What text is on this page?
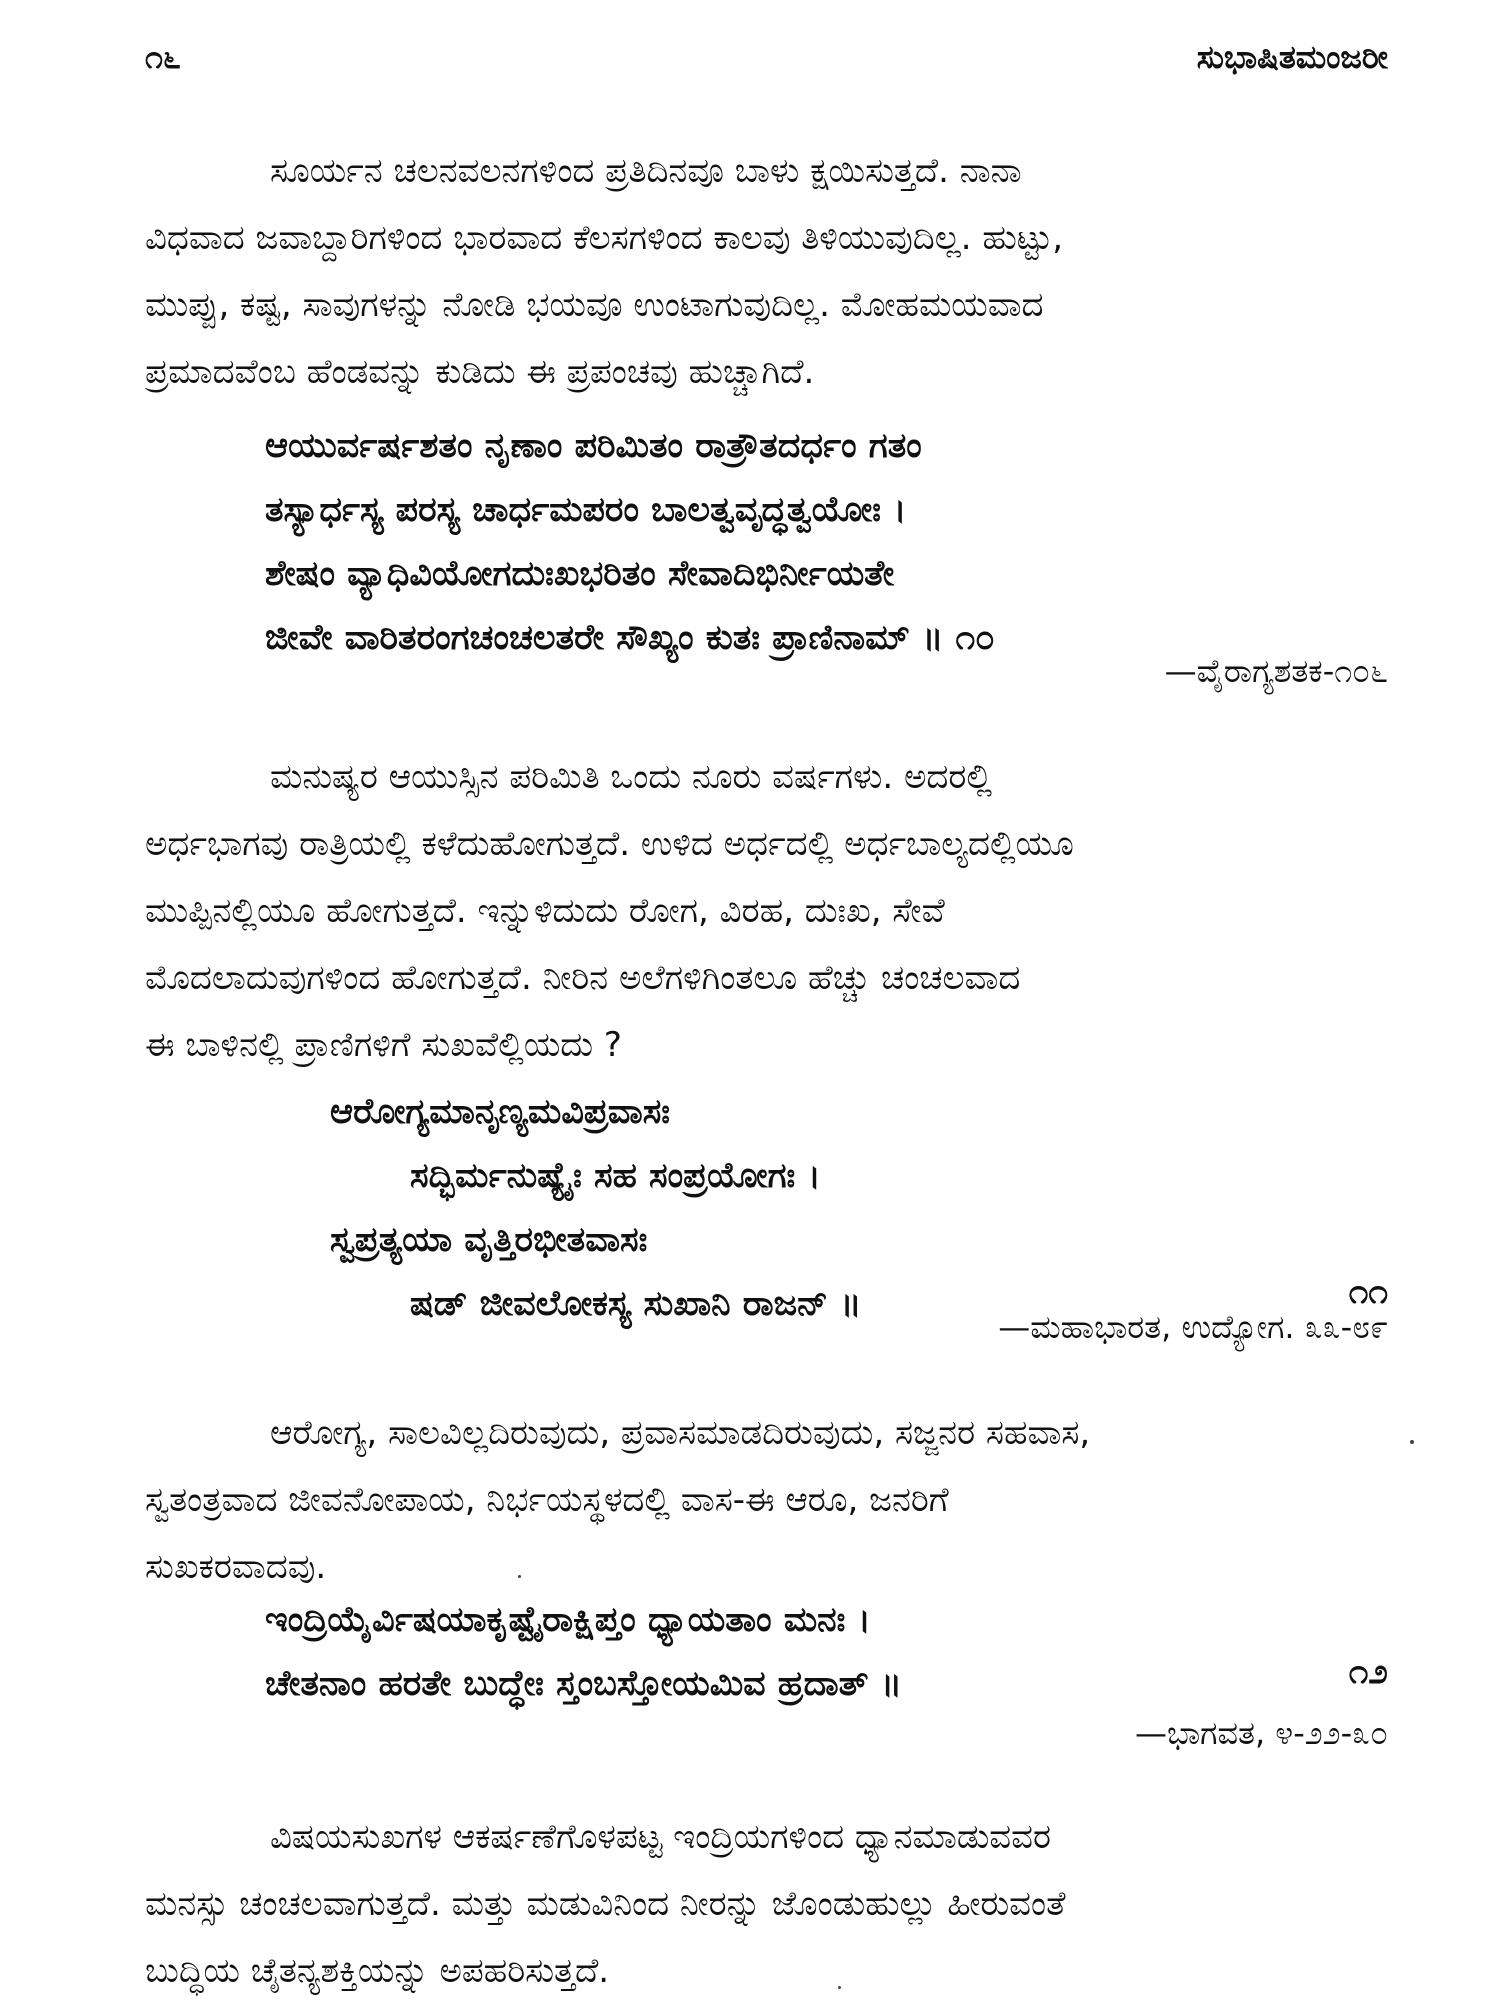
೧೬	ಸುಭಾಷಿತಮಂಜರೀ
ಸೂರ್ಯನ ಚಲನವಲನಗಳಿಂದ ಪ್ರತಿದಿನವೂ ಬಾಳು ಕ್ಷಯಿಸುತ್ತದೆ. ನಾನಾ
ವಿಧವಾದ ಜವಾಬ್ದಾರಿಗಳಿಂದ ಭಾರವಾದ ಕೆಲಸಗಳಿಂದ ಕಾಲವು ತಿಳಿಯುವುದಿಲ್ಲ. ಹುಟ್ಟು,
ಮುಪ್ಪು, ಕಷ್ಟ, ಸಾವುಗಳನ್ನು ನೋಡಿ ಭಯವೂ ಉಂಟಾಗುವುದಿಲ್ಲ. ಮೋಹಮಯವಾದ
ಪ್ರಮಾದವೆಂಬ ಹೆಂಡವನ್ನು ಕುಡಿದು ಈ ಪ್ರಪಂಚವು ಹುಚ್ಚಾಗಿದೆ.
ಆಯುರ್ವರ್ಷಶತಂ ನೃಣಾಂ ಪರಿಮಿತಂ ರಾತ್ರೌತದರ್ಧಂ ಗತಂ
ತಸ್ಯಾರ್ಧಸ್ಯ ಪರಸ್ಯ ಚಾರ್ಧಮಪರಂ ಬಾಲತ್ವವೃದ್ಧತ್ವಯೋಃ ।
ಶೇಷಂ ವ್ಯಾಧಿವಿಯೋಗದುಃಖಭರಿತಂ ಸೇವಾದಿಭಿರ್ನೀಯತೇ
ಜೀವೇ ವಾರಿತರಂಗಚಂಚಲತರೇ ಸೌಖ್ಯಂ ಕುತಃ ಪ್ರಾಣಿನಾಮ್ ॥ ೧೦
—ವೈರಾಗ್ಯಶತಕ-೧೦೬
ಮನುಷ್ಯರ ಆಯುಸ್ಸಿನ ಪರಿಮಿತಿ ಒಂದು ನೂರು ವರ್ಷಗಳು. ಅದರಲ್ಲಿ
ಅರ್ಧಭಾಗವು ರಾತ್ರಿಯಲ್ಲಿ ಕಳೆದುಹೋಗುತ್ತದೆ. ಉಳಿದ ಅರ್ಧದಲ್ಲಿ ಅರ್ಧಬಾಲ್ಯದಲ್ಲಿಯೂ
ಮುಪ್ಪಿನಲ್ಲಿಯೂ ಹೋಗುತ್ತದೆ. ಇನ್ನುಳಿದುದು ರೋಗ, ವಿರಹ, ದುಃಖ, ಸೇವೆ
ಮೊದಲಾದುವುಗಳಿಂದ ಹೋಗುತ್ತದೆ. ನೀರಿನ ಅಲೆಗಳಿಗಿಂತಲೂ ಹೆಚ್ಚು ಚಂಚಲವಾದ
ಈ ಬಾಳಿನಲ್ಲಿ ಪ್ರಾಣಿಗಳಿಗೆ ಸುಖವೆಲ್ಲಿಯದು ?
ಆರೋಗ್ಯಮಾನೃಣ್ಯಮವಿಪ್ರವಾಸಃ
ಸದ್ಭಿರ್ಮನುಷ್ಯೈಃ ಸಹ ಸಂಪ್ರಯೋಗಃ ।
ಸ್ವಪ್ರತ್ಯಯಾ ವೃತ್ತಿರಭೀತವಾಸಃ
ಷಡ್ ಜೀವಲೋಕಸ್ಯ ಸುಖಾನಿ ರಾಜನ್ ॥	೧೧
—ಮಹಾಭಾರತ, ಉದ್ಯೋಗ. ೩೩-೮೯
ಆರೋಗ್ಯ, ಸಾಲವಿಲ್ಲದಿರುವುದು, ಪ್ರವಾಸಮಾಡದಿರುವುದು, ಸಜ್ಜನರ ಸಹವಾಸ,
ಸ್ವತಂತ್ರವಾದ ಜೀವನೋಪಾಯ, ನಿರ್ಭಯಸ್ಥಳದಲ್ಲಿ ವಾಸ-ಈ ಆರೂ, ಜನರಿಗೆ
ಸುಖಕರವಾದವು.
ಇಂದ್ರಿಯೈರ್ವಿಷಯಾಕೃಷ್ಟೈರಾಕ್ಷಿಪ್ತಂ ಧ್ಯಾಯತಾಂ ಮನಃ ।
ಚೇತನಾಂ ಹರತೇ ಬುದ್ಧೇಃ ಸ್ತಂಬಸ್ತೋಯಮಿವ ಹ್ರದಾತ್ ॥	೧೨
—ಭಾಗವತ, ೪-೨೨-೩೦
ವಿಷಯಸುಖಗಳ ಆಕರ್ಷಣೆಗೊಳಪಟ್ಟ ಇಂದ್ರಿಯಗಳಿಂದ ಧ್ಯಾನಮಾಡುವವರ
ಮನಸ್ಸು ಚಂಚಲವಾಗುತ್ತದೆ. ಮತ್ತು ಮಡುವಿನಿಂದ ನೀರನ್ನು ಜೊಂಡುಹುಲ್ಲು ಹೀರುವಂತೆ
ಬುದ್ಧಿಯ ಚೈತನ್ಯಶಕ್ತಿಯನ್ನು ಅಪಹರಿಸುತ್ತದೆ.
